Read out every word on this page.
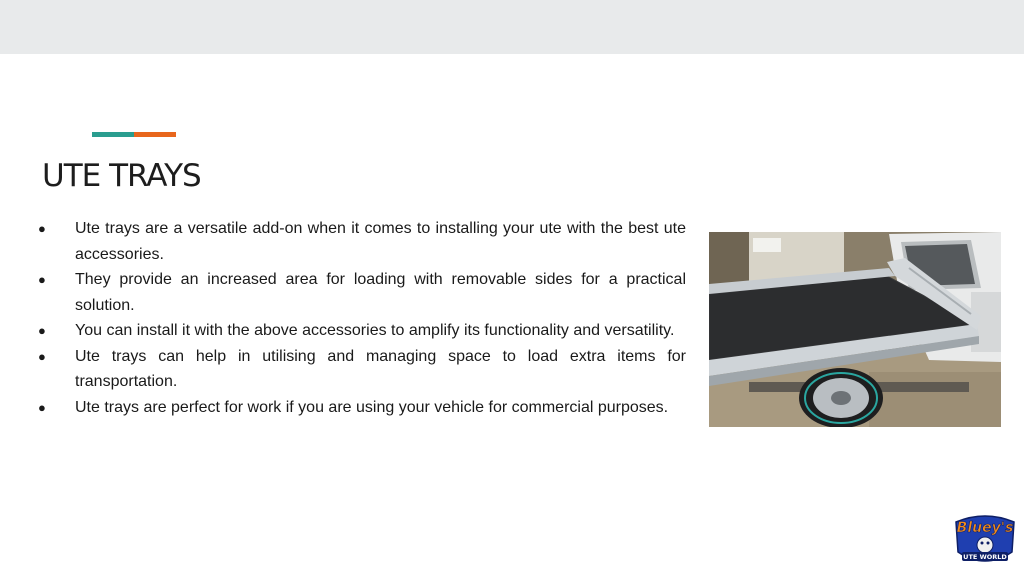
UTE TRAYS
● Ute trays are a versatile add-on when it comes to installing your ute with the best ute accessories.
● They provide an increased area for loading with removable sides for a practical solution.
● You can install it with the above accessories to amplify its functionality and versatility.
● Ute trays can help in utilising and managing space to load extra items for transportation.
● Ute trays are perfect for work if you are using your vehicle for commercial purposes.
Bluey's
UTE WORLD
